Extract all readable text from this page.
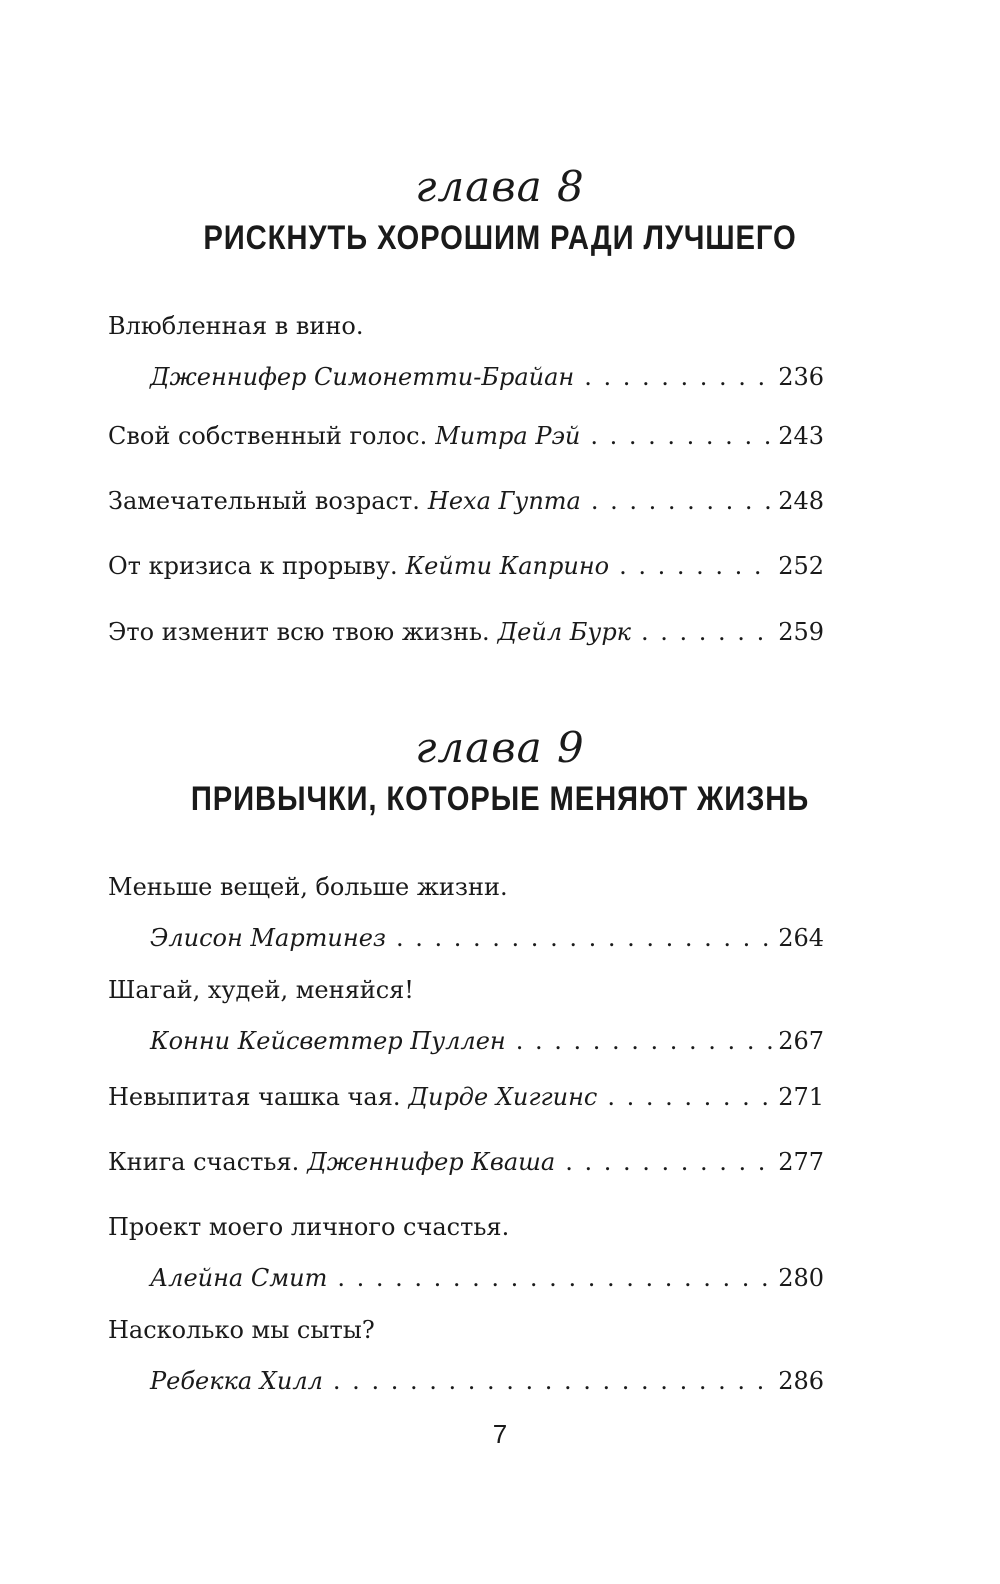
глава 8
РИСКНУТЬ ХОРОШИМ РАДИ ЛУЧШЕГО
Влюбленная в вино.
Дженнифер Симонетти-Брайан . . .	236
Свой собственный голос. Митра Рэй . . .	243
Замечательный возраст. Неха Гупта . . .	248
От кризиса к прорыву. Кейти Каприно . . .	252
Это изменит всю твою жизнь. Дейл Бурк . . .	259
глава 9
ПРИВЫЧКИ, КОТОРЫЕ МЕНЯЮТ ЖИЗНЬ
Меньше вещей, больше жизни.
Элисон Мартинез . . .	264
Шагай, худей, меняйся!
Конни Кейсветтер Пуллен . . .	267
Невыпитая чашка чая. Дирде Хиггинс . . .	271
Книга счастья. Дженнифер Кваша . . .	277
Проект моего личного счастья.
Алейна Смит . . .	280
Насколько мы сыты?
Ребекка Хилл . . .	286
7
